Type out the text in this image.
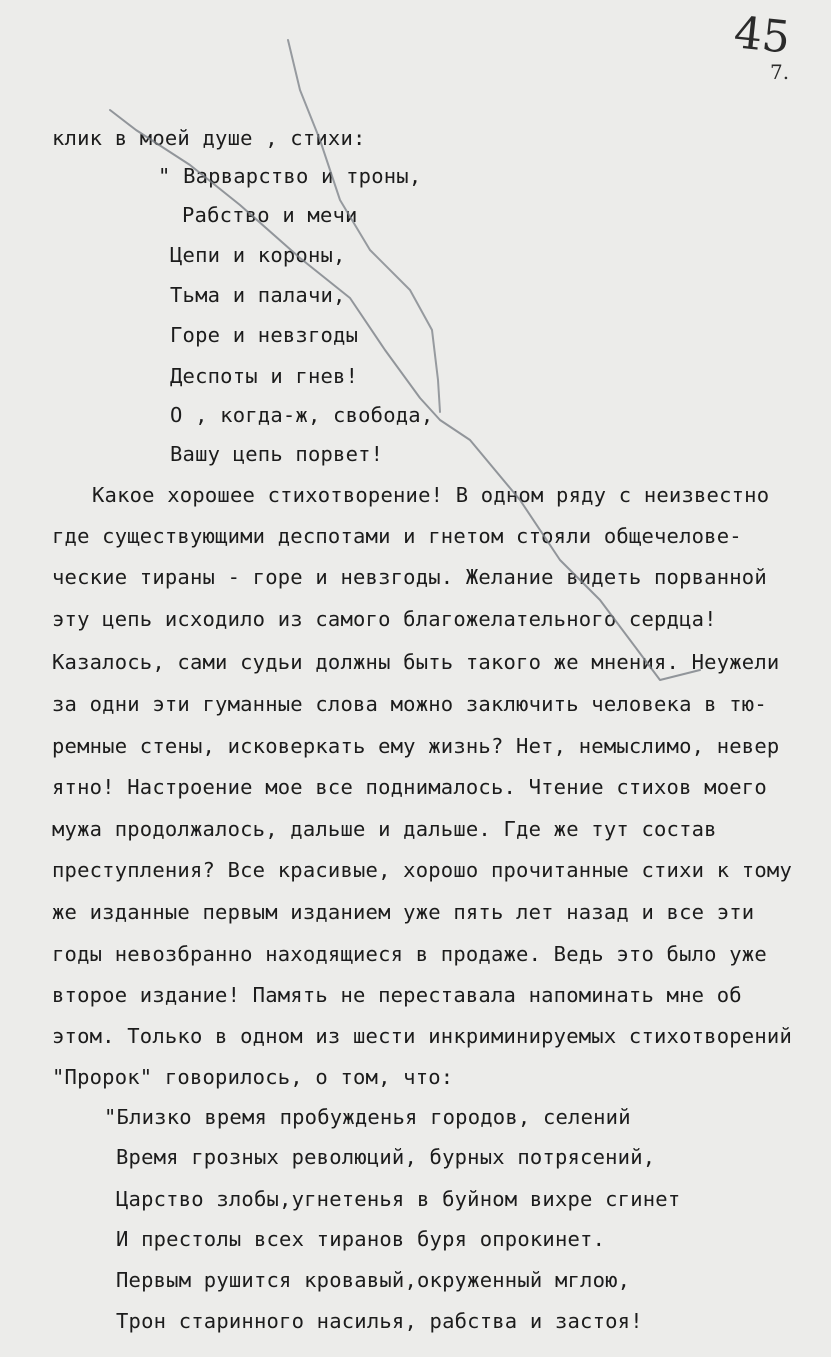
45
7.
клик в моей душе , стихи:
" Варварство и троны,
Рабство и мечи
Цепи и короны,
Тьма и палачи,
Горе и невзгоды
Деспоты и гнев!
О , когда-ж, свобода,
Вашу цепь порвет!
Какое хорошее стихотворение! В одном ряду с неизвестно
где существующими деспотами и гнетом стояли общечелове-
ческие тираны - горе и невзгоды. Желание видеть порванной
эту цепь исходило из самого благожелательного сердца!
Казалось, сами судьи должны быть такого же мнения. Неужели
за одни эти гуманные слова можно заключить человека в тю-
ремные стены, исковеркать ему жизнь? Нет, немыслимо, невер
ятно! Настроение мое все поднималось. Чтение стихов моего
мужа продолжалось, дальше и дальше. Где же тут состав
преступления? Все красивые, хорошо прочитанные стихи к тому
же изданные первым изданием уже пять лет назад и все эти
годы невозбранно находящиеся в продаже. Ведь это было уже
второе издание! Память не переставала напоминать мне об
этом. Только в одном из шести инкриминируемых стихотворений
"Пророк" говорилось, о том, что:
"Близко время пробужденья городов, селений
Время грозных революций, бурных потрясений,
Царство злобы,угнетенья в буйном вихре сгинет
И престолы всех тиранов буря опрокинет.
Первым рушится кровавый,окруженный мглою,
Трон старинного насилья, рабства и застоя!
